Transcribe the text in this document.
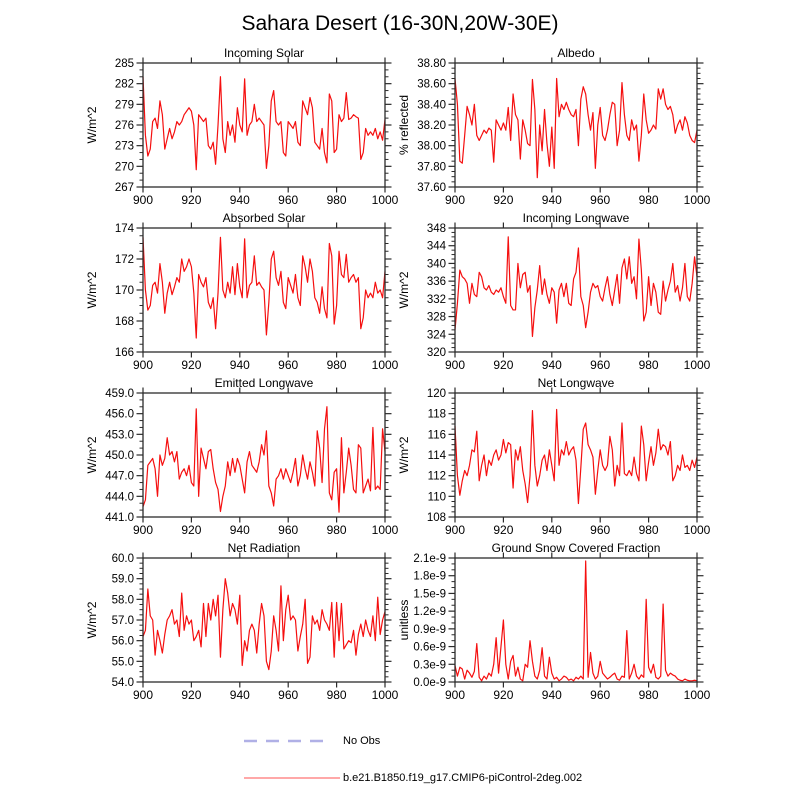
Sahara Desert (16-30N,20W-30E)
Incoming Solar
W/m^2
900 920 940 960 980 1000
267
270
273
276
279
282
285
Albedo
% reflected
900 920 940 960 980 1000
37.60
37.80
38.00
38.20
38.40
38.60
38.80
Absorbed Solar
W/m^2
900 920 940 960 980 1000
166
168
170
172
174
Incoming Longwave
W/m^2
900 920 940 960 980 1000
320
324
328
332
336
340
344
348
Emitted Longwave
W/m^2
900 920 940 960 980 1000
441.0
444.0
447.0
450.0
453.0
456.0
459.0
Net Longwave
W/m^2
900 920 940 960 980 1000
108
110
112
114
116
118
120
Net Radiation
W/m^2
900 920 940 960 980 1000
54.0
55.0
56.0
57.0
58.0
59.0
60.0
Ground Snow Covered Fraction
unitless
900 920 940 960 980 1000
0.0e-9
0.3e-9
0.6e-9
0.9e-9
1.2e-9
1.5e-9
1.8e-9
2.1e-9
No Obs
b.e21.B1850.f19_g17.CMIP6-piControl-2deg.002
